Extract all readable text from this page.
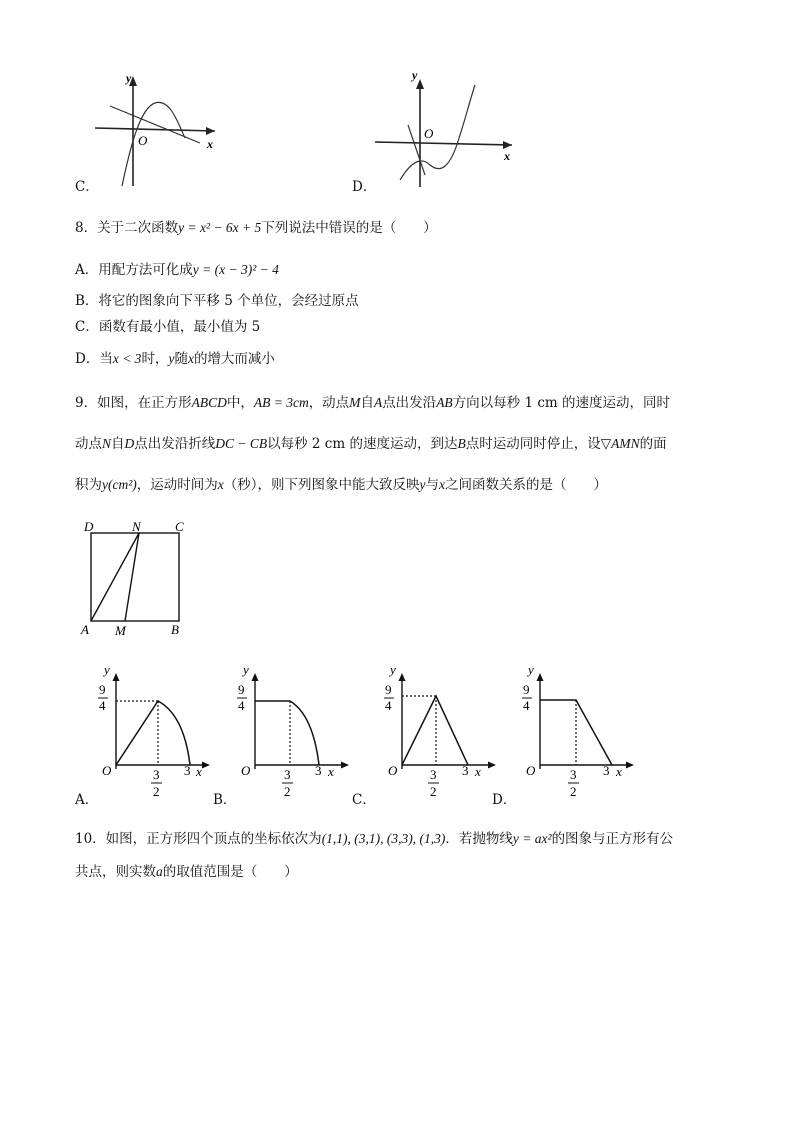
y
O	x
C．
y
O
x
D．
8．关于二次函数y = x² − 6x + 5下列说法中错误的是（　　）
A．用配方法可化成y = (x − 3)² − 4
B．将它的图象向下平移 5 个单位，会经过原点
C．函数有最小值，最小值为 5
D．当x < 3时，y随x的增大而减小
9．如图，在正方形ABCD中，AB = 3cm，动点M自A点出发沿AB方向以每秒 1 cm 的速度运动，同时
动点N自D点出发沿折线DC − CB以每秒 2 cm 的速度运动，到达B点时运动同时停止，设▽AMN的面
积为y(cm²)，运动时间为x（秒），则下列图象中能大致反映y与x之间函数关系的是（　　）
D	N	C
A M	B
y
9
4
O	3
2
3 x
A．
y
9
4
O	3
2
3 x
B．
y
9
4
O	3
2
3 x
C．
y
9
4
O	3
2
3 x
D．
10．如图，正方形四个顶点的坐标依次为(1,1), (3,1), (3,3), (1,3)．若抛物线y = ax²的图象与正方形有公
共点，则实数a的取值范围是（　　）
